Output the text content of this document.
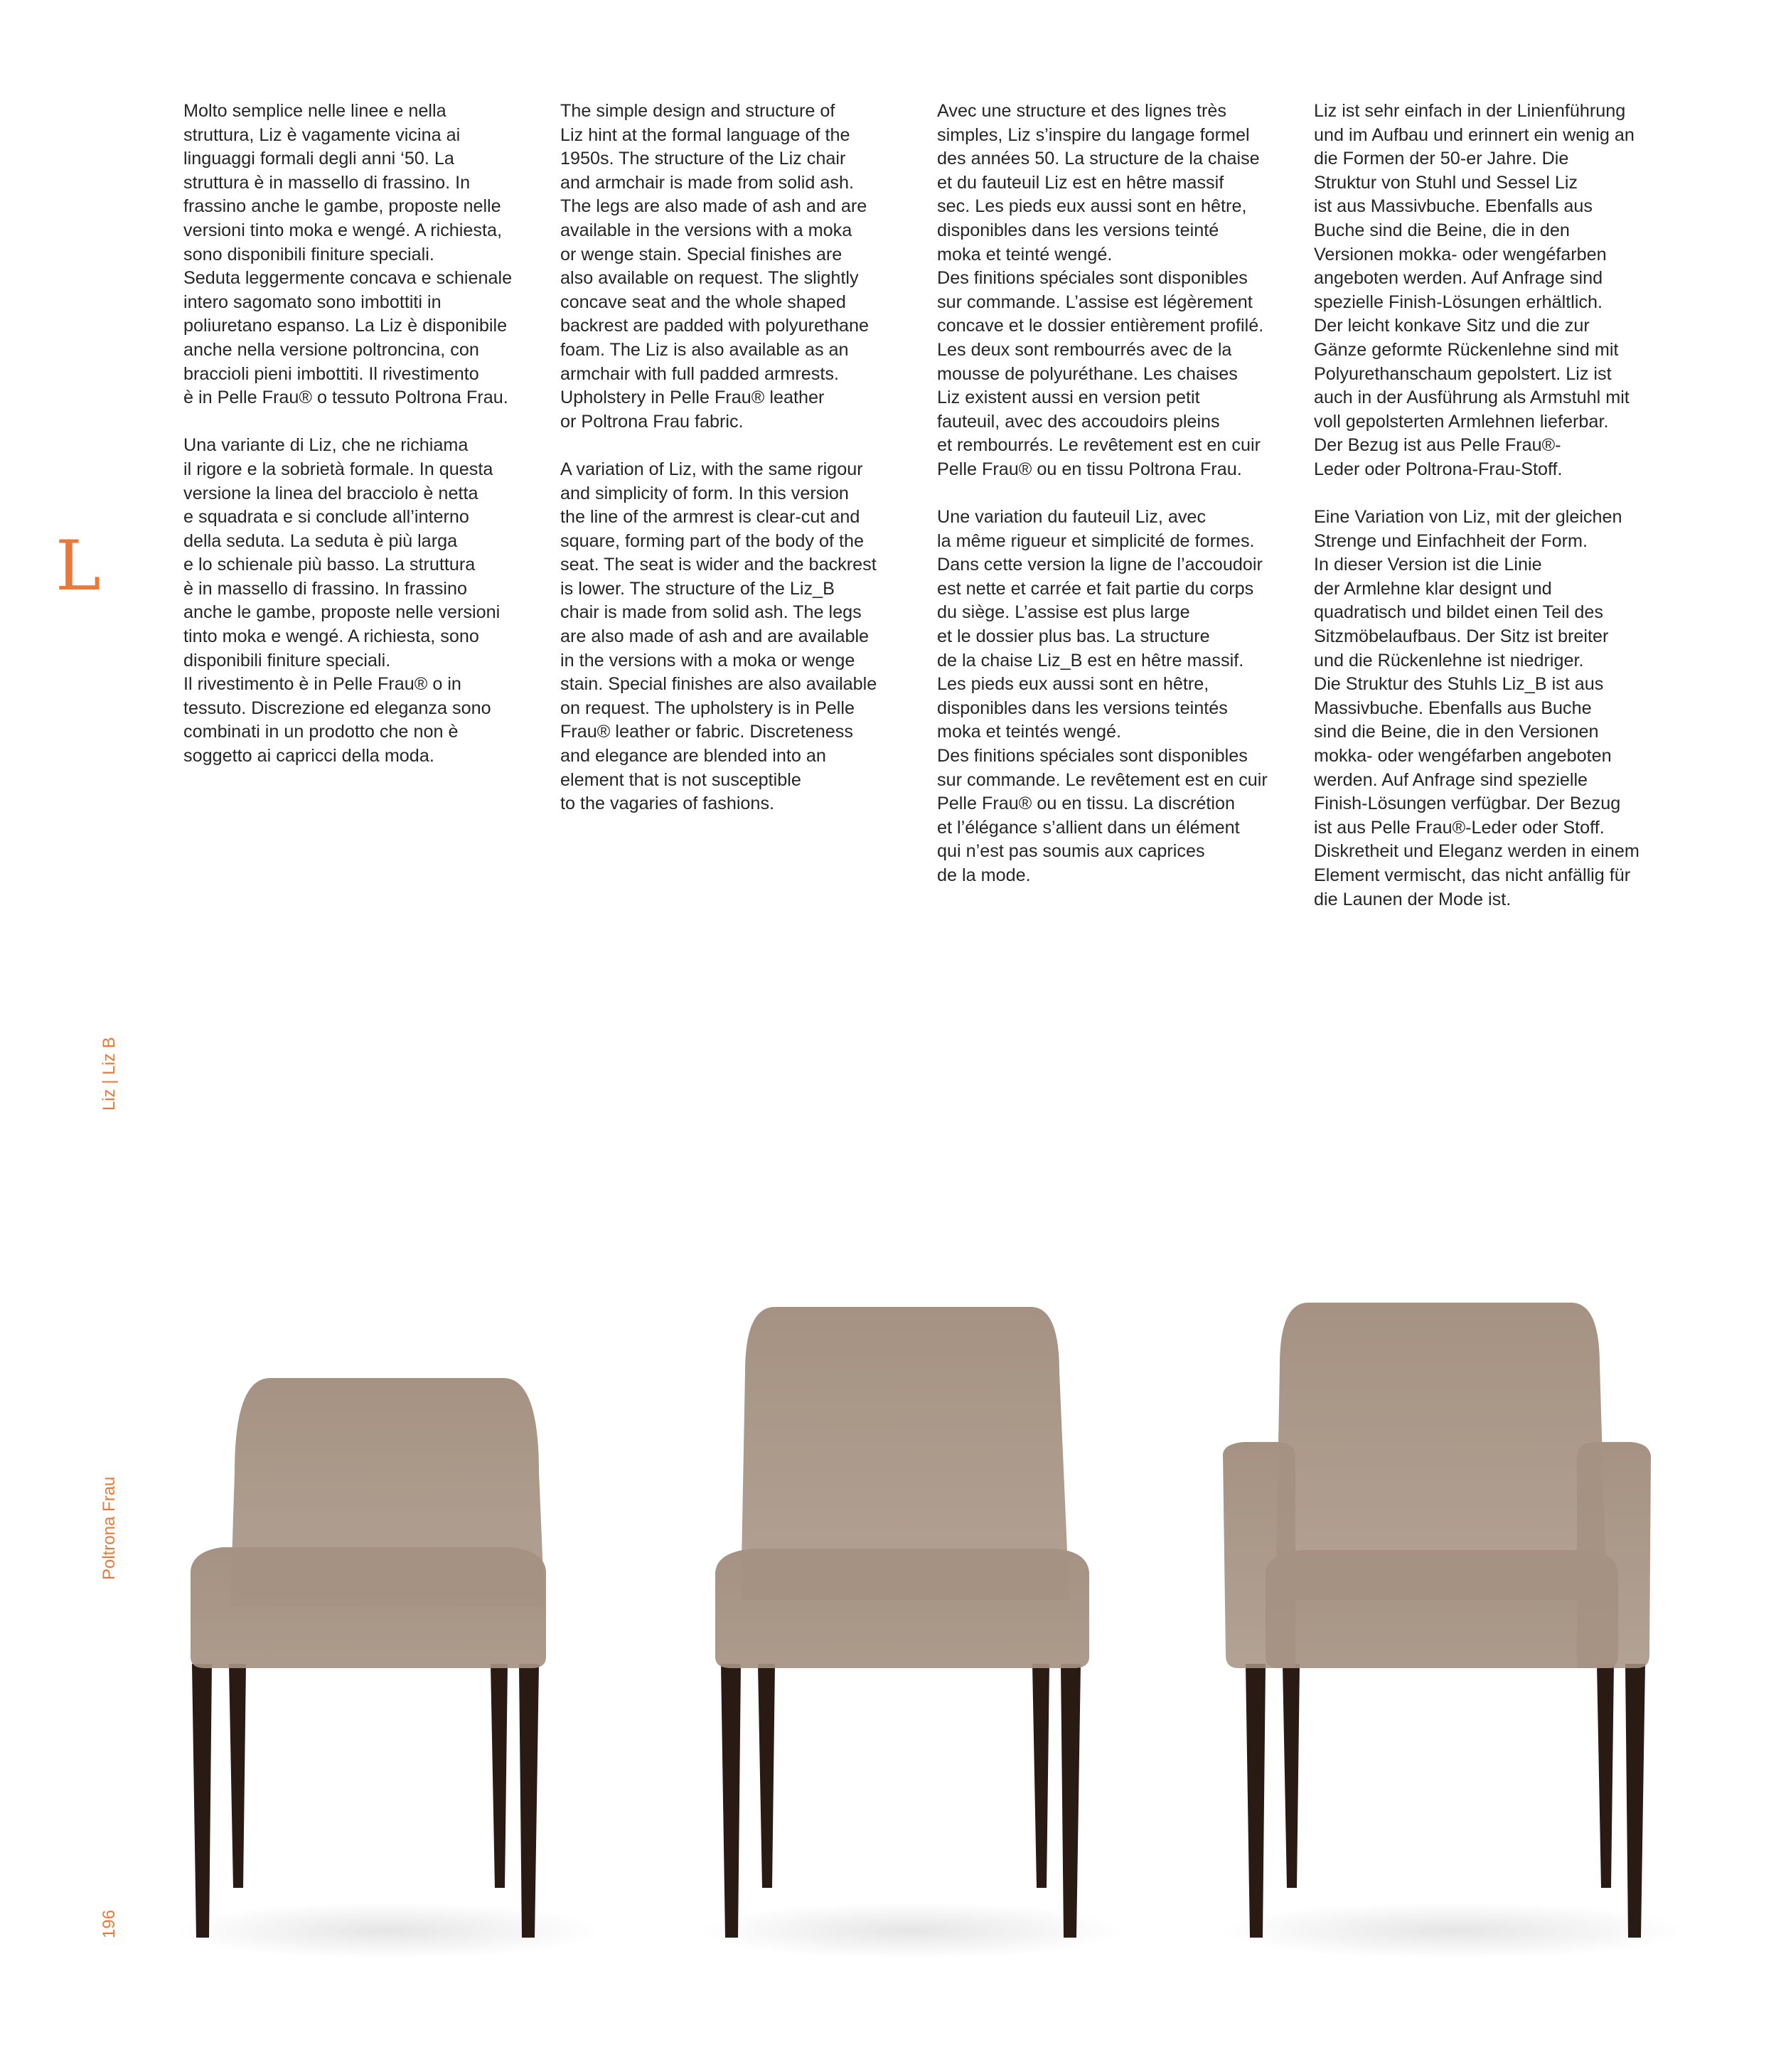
Molto semplice nelle linee e nella
struttura, Liz è vagamente vicina ai
linguaggi formali degli anni ‘50. La
struttura è in massello di frassino. In
frassino anche le gambe, proposte nelle
versioni tinto moka e wengé. A richiesta,
sono disponibili finiture speciali.
Seduta leggermente concava e schienale
intero sagomato sono imbottiti in
poliuretano espanso. La Liz è disponibile
anche nella versione poltroncina, con
braccioli pieni imbottiti. Il rivestimento
è in Pelle Frau® o tessuto Poltrona Frau.

Una variante di Liz, che ne richiama
il rigore e la sobrietà formale. In questa
versione la linea del bracciolo è netta
e squadrata e si conclude all’interno
della seduta. La seduta è più larga
e lo schienale più basso. La struttura
è in massello di frassino. In frassino
anche le gambe, proposte nelle versioni
tinto moka e wengé. A richiesta, sono
disponibili finiture speciali.
Il rivestimento è in Pelle Frau® o in
tessuto. Discrezione ed eleganza sono
combinati in un prodotto che non è
soggetto ai capricci della moda.

The simple design and structure of
Liz hint at the formal language of the
1950s. The structure of the Liz chair
and armchair is made from solid ash.
The legs are also made of ash and are
available in the versions with a moka
or wenge stain. Special finishes are
also available on request. The slightly
concave seat and the whole shaped
backrest are padded with polyurethane
foam. The Liz is also available as an
armchair with full padded armrests.
Upholstery in Pelle Frau® leather
or Poltrona Frau fabric.

A variation of Liz, with the same rigour
and simplicity of form. In this version
the line of the armrest is clear-cut and
square, forming part of the body of the
seat. The seat is wider and the backrest
is lower. The structure of the Liz_B
chair is made from solid ash. The legs
are also made of ash and are available
in the versions with a moka or wenge
stain. Special finishes are also available
on request. The upholstery is in Pelle
Frau® leather or fabric. Discreteness
and elegance are blended into an
element that is not susceptible
to the vagaries of fashions.

Avec une structure et des lignes très
simples, Liz s’inspire du langage formel
des années 50. La structure de la chaise
et du fauteuil Liz est en hêtre massif
sec. Les pieds eux aussi sont en hêtre,
disponibles dans les versions teinté
moka et teinté wengé.
Des finitions spéciales sont disponibles
sur commande. L’assise est légèrement
concave et le dossier entièrement profilé.
Les deux sont rembourrés avec de la
mousse de polyuréthane. Les chaises
Liz existent aussi en version petit
fauteuil, avec des accoudoirs pleins
et rembourrés. Le revêtement est en cuir
Pelle Frau® ou en tissu Poltrona Frau.

Une variation du fauteuil Liz, avec
la même rigueur et simplicité de formes.
Dans cette version la ligne de l’accoudoir
est nette et carrée et fait partie du corps
du siège. L’assise est plus large
et le dossier plus bas. La structure
de la chaise Liz_B est en hêtre massif.
Les pieds eux aussi sont en hêtre,
disponibles dans les versions teintés
moka et teintés wengé.
Des finitions spéciales sont disponibles
sur commande. Le revêtement est en cuir
Pelle Frau® ou en tissu. La discrétion
et l’élégance s’allient dans un élément
qui n’est pas soumis aux caprices
de la mode.

Liz ist sehr einfach in der Linienführung
und im Aufbau und erinnert ein wenig an
die Formen der 50-er Jahre. Die
Struktur von Stuhl und Sessel Liz
ist aus Massivbuche. Ebenfalls aus
Buche sind die Beine, die in den
Versionen mokka- oder wengéfarben
angeboten werden. Auf Anfrage sind
spezielle Finish-Lösungen erhältlich.
Der leicht konkave Sitz und die zur
Gänze geformte Rückenlehne sind mit
Polyurethanschaum gepolstert. Liz ist
auch in der Ausführung als Armstuhl mit
voll gepolsterten Armlehnen lieferbar.
Der Bezug ist aus Pelle Frau®-
Leder oder Poltrona-Frau-Stoff.

Eine Variation von Liz, mit der gleichen
Strenge und Einfachheit der Form.
In dieser Version ist die Linie
der Armlehne klar designt und
quadratisch und bildet einen Teil des
Sitzmöbelaufbaus. Der Sitz ist breiter
und die Rückenlehne ist niedriger.
Die Struktur des Stuhls Liz_B ist aus
Massivbuche. Ebenfalls aus Buche
sind die Beine, die in den Versionen
mokka- oder wengéfarben angeboten
werden. Auf Anfrage sind spezielle
Finish-Lösungen verfügbar. Der Bezug
ist aus Pelle Frau®-Leder oder Stoff.
Diskretheit und Eleganz werden in einem
Element vermischt, das nicht anfällig für
die Launen der Mode ist.

L
Liz | Liz B
Poltrona Frau
196
